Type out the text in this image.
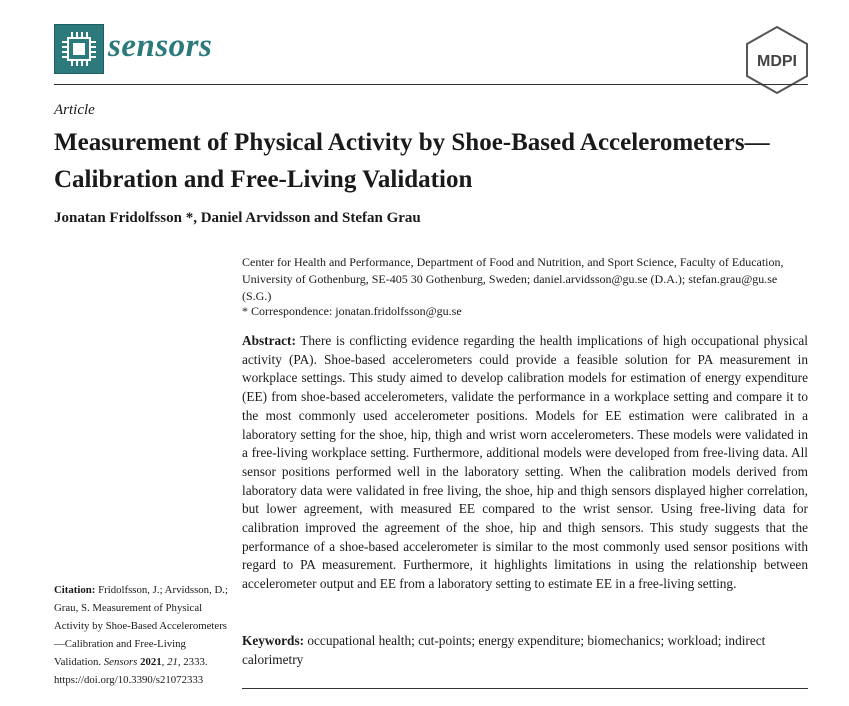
sensors	MDPI
Article
Measurement of Physical Activity by Shoe-Based Accelerometers—Calibration and Free-Living Validation
Jonatan Fridolfsson *, Daniel Arvidsson and Stefan Grau
Center for Health and Performance, Department of Food and Nutrition, and Sport Science, Faculty of Education, University of Gothenburg, SE-405 30 Gothenburg, Sweden; daniel.arvidsson@gu.se (D.A.); stefan.grau@gu.se (S.G.)
* Correspondence: jonatan.fridolfsson@gu.se
Abstract: There is conflicting evidence regarding the health implications of high occupational physical activity (PA). Shoe-based accelerometers could provide a feasible solution for PA measurement in workplace settings. This study aimed to develop calibration models for estimation of energy expenditure (EE) from shoe-based accelerometers, validate the performance in a workplace setting and compare it to the most commonly used accelerometer positions. Models for EE estimation were calibrated in a laboratory setting for the shoe, hip, thigh and wrist worn accelerometers. These models were validated in a free-living workplace setting. Furthermore, additional models were developed from free-living data. All sensor positions performed well in the laboratory setting. When the calibration models derived from laboratory data were validated in free living, the shoe, hip and thigh sensors displayed higher correlation, but lower agreement, with measured EE compared to the wrist sensor. Using free-living data for calibration improved the agreement of the shoe, hip and thigh sensors. This study suggests that the performance of a shoe-based accelerometer is similar to the most commonly used sensor positions with regard to PA measurement. Furthermore, it highlights limitations in using the relationship between accelerometer output and EE from a laboratory setting to estimate EE in a free-living setting.
Keywords: occupational health; cut-points; energy expenditure; biomechanics; workload; indirect calorimetry
Citation: Fridolfsson, J.; Arvidsson, D.; Grau, S. Measurement of Physical Activity by Shoe-Based Accelerometers—Calibration and Free-Living Validation. Sensors 2021, 21, 2333. https://doi.org/10.3390/s21072333
